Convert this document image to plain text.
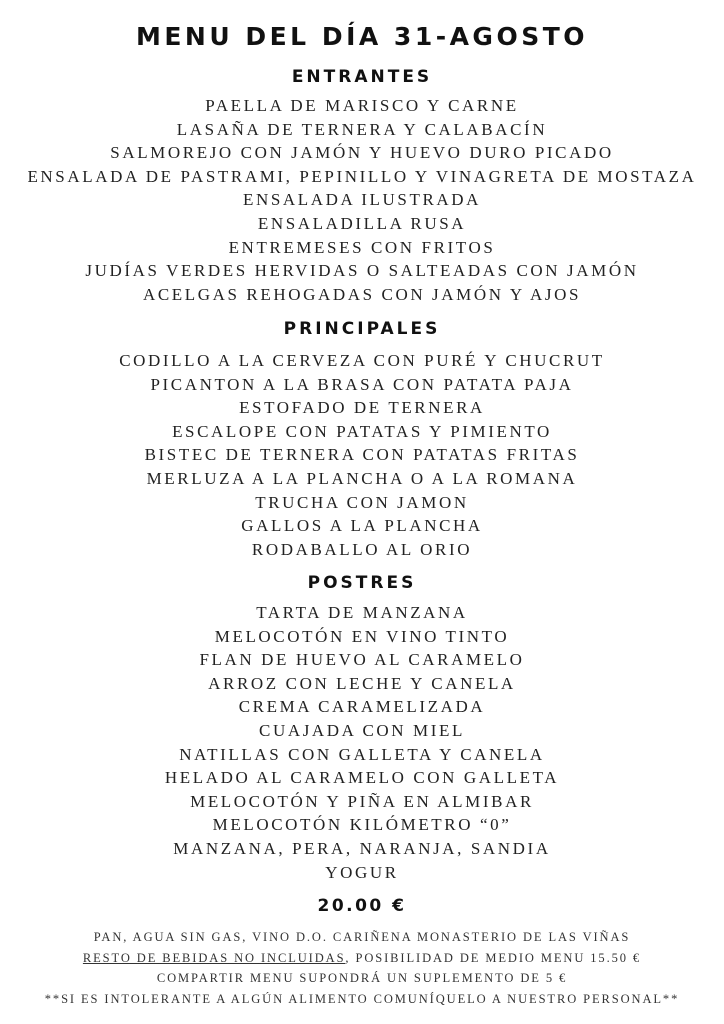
MENU DEL DÍA 31-AGOSTO
ENTRANTES
PAELLA DE MARISCO Y CARNE
LASAÑA DE TERNERA Y CALABACÍN
SALMOREJO CON JAMÓN Y HUEVO DURO PICADO
ENSALADA DE PASTRAMI, PEPINILLO Y VINAGRETA DE MOSTAZA
ENSALADA ILUSTRADA
ENSALADILLA RUSA
ENTREMESES CON FRITOS
JUDÍAS VERDES HERVIDAS O SALTEADAS CON JAMÓN
ACELGAS REHOGADAS CON JAMÓN Y AJOS
PRINCIPALES
CODILLO A LA CERVEZA CON PURÉ Y CHUCRUT
PICANTON A LA BRASA CON PATATA PAJA
ESTOFADO DE TERNERA
ESCALOPE CON PATATAS Y PIMIENTO
BISTEC DE TERNERA CON PATATAS FRITAS
MERLUZA A LA PLANCHA O A LA ROMANA
TRUCHA CON JAMON
GALLOS A LA PLANCHA
RODABALLO AL ORIO
POSTRES
TARTA DE MANZANA
MELOCOTÓN EN VINO TINTO
FLAN DE HUEVO AL CARAMELO
ARROZ CON LECHE Y CANELA
CREMA CARAMELIZADA
CUAJADA CON MIEL
NATILLAS CON GALLETA Y CANELA
HELADO AL CARAMELO CON GALLETA
MELOCOTÓN Y PIÑA EN ALMIBAR
MELOCOTÓN KILÓMETRO “0”
MANZANA, PERA, NARANJA, SANDIA
YOGUR
20.00 €
PAN, AGUA SIN GAS, VINO D.O. CARIÑENA MONASTERIO DE LAS VIÑAS
RESTO DE BEBIDAS NO INCLUIDAS, POSIBILIDAD DE MEDIO MENU 15.50 €
COMPARTIR MENU SUPONDRÁ UN SUPLEMENTO DE 5 €
**SI ES INTOLERANTE A ALGÚN ALIMENTO COMUNÍQUELO A NUESTRO PERSONAL**
